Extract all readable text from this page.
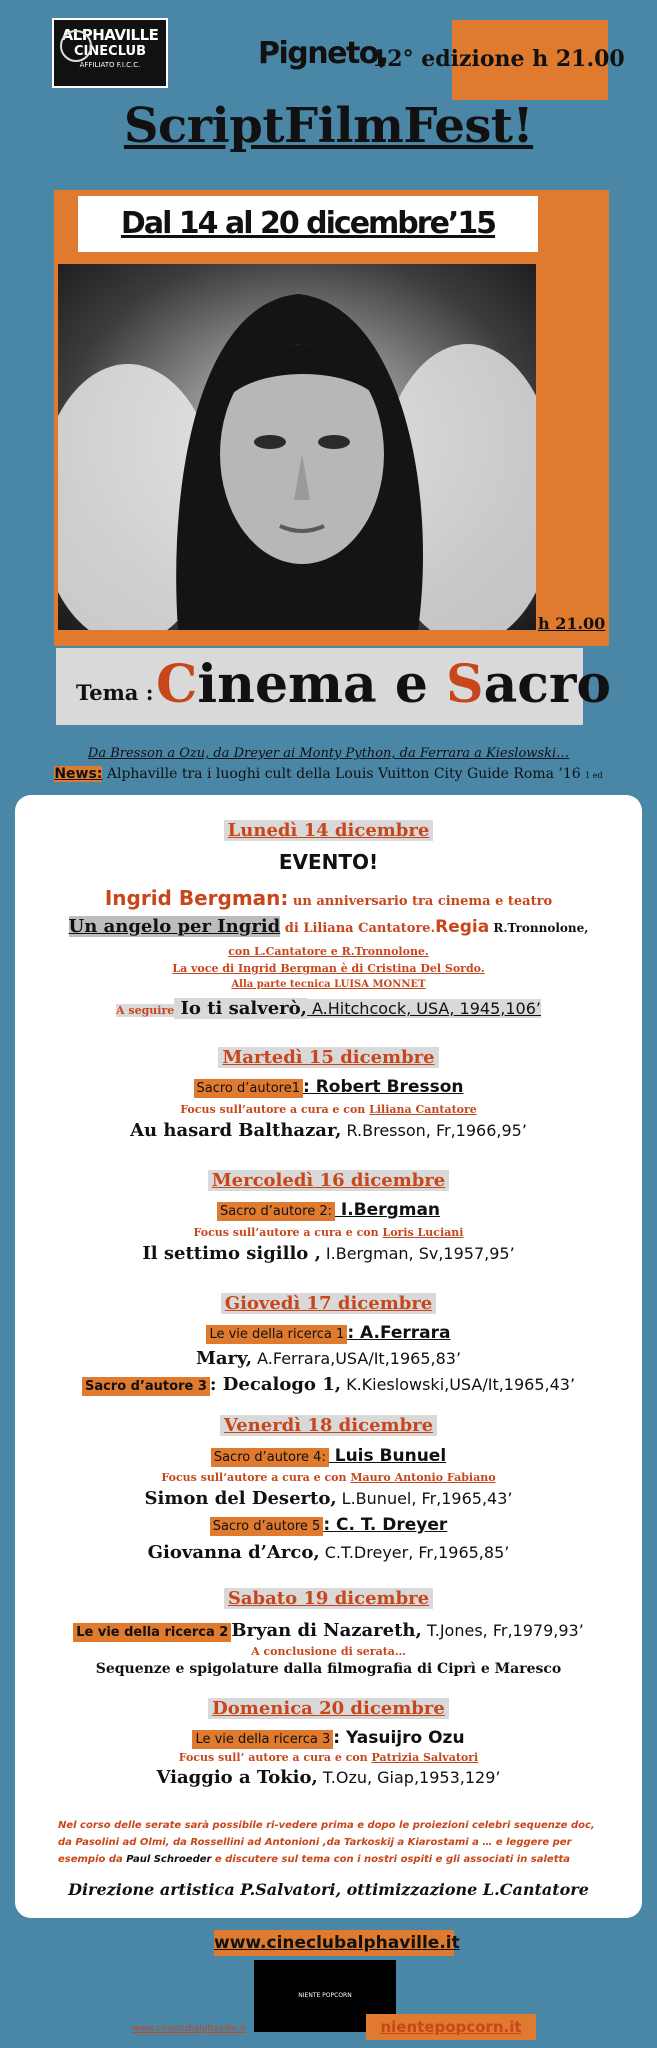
ALPHAVILLE
CINECLUB
AFFILIATO F.I.C.C.	Pigneto,
12° edizione h 21.00
ScriptFilmFest!
Dal 14 al 20 dicembre’15
h 21.00
Tema : Cinema e Sacro
Da Bresson a Ozu, da Dreyer ai Monty Python, da Ferrara a Kieslowski…
News: Alphaville tra i luoghi cult della Louis Vuitton City Guide Roma ’16 1 ed
Lunedì 14 dicembre
EVENTO!
Ingrid Bergman: un anniversario tra cinema e teatro
Un angelo per Ingrid di Liliana Cantatore.Regia R.Tronnolone,
con L.Cantatore e R.Tronnolone.
La voce di Ingrid Bergman è di Cristina Del Sordo.
Alla parte tecnica LUISA MONNET
A seguire Io ti salverò, A.Hitchcock, USA, 1945,106’
Martedì 15 dicembre
Sacro d’autore1 : Robert Bresson
Focus sull’autore a cura e con Liliana Cantatore
Au hasard Balthazar, R.Bresson, Fr,1966,95’
Mercoledì 16 dicembre
Sacro d’autore 2: I.Bergman
Focus sull’autore a cura e con Loris Luciani
Il settimo sigillo , I.Bergman, Sv,1957,95’
Giovedì 17 dicembre
Le vie della ricerca 1 : A.Ferrara
Mary, A.Ferrara,USA/It,1965,83’
Sacro d’autore 3 : Decalogo 1, K.Kieslowski,USA/It,1965,43’
Venerdì 18 dicembre
Sacro d’autore 4: Luis Bunuel
Focus sull’autore a cura e con Mauro Antonio Fabiano
Simon del Deserto, L.Bunuel, Fr,1965,43’
Sacro d’autore 5 : C. T. Dreyer
Giovanna d’Arco, C.T.Dreyer, Fr,1965,85’
Sabato 19 dicembre
Le vie della ricerca 2 Bryan di Nazareth, T.Jones, Fr,1979,93’
A conclusione di serata…
Sequenze e spigolature dalla filmografia di Ciprì e Maresco
Domenica 20 dicembre
Le vie della ricerca 3 : Yasuijro Ozu
Focus sull’ autore a cura e con Patrizia Salvatori
Viaggio a Tokio, T.Ozu, Giap,1953,129’
Nel corso delle serate sarà possibile ri-vedere prima e dopo le proiezioni celebri sequenze doc, da Pasolini ad Olmi, da Rossellini ad Antonioni ,da Tarkoskij a Kiarostami a … e leggere per esempio da Paul Schroeder e discutere sul tema con i nostri ospiti e gli associati in saletta
Direzione artistica P.Salvatori, ottimizzazione L.Cantatore
www.cineclubalphaville.it
NIENTE POPCORN
www.cineclubalphaville.it	nientepopcorn.it
